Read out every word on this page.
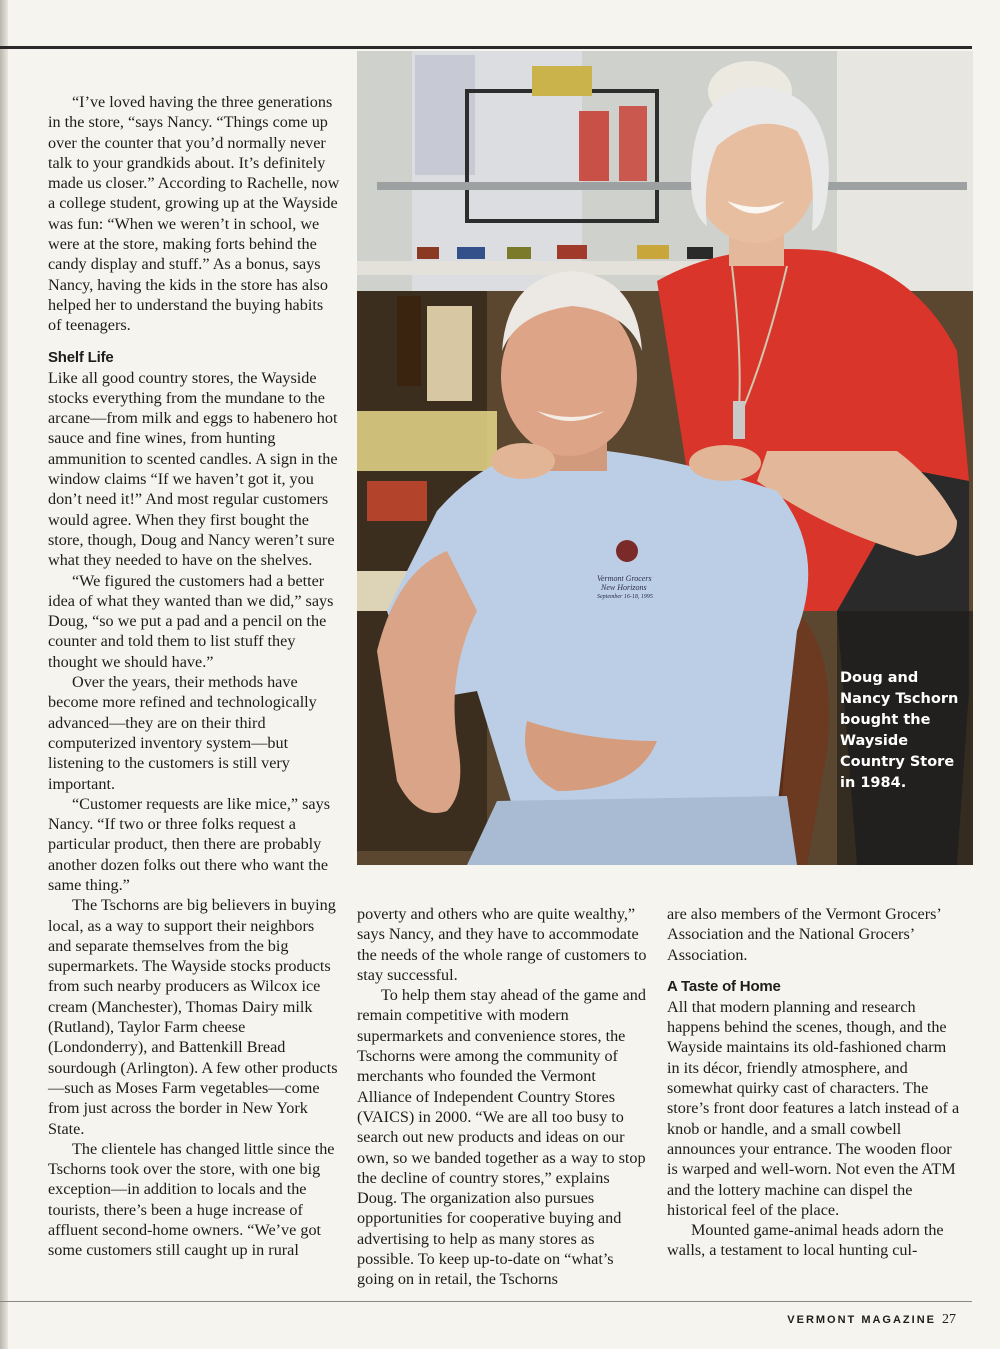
“I’ve loved having the three generations in the store, “says Nancy. “Things come up over the counter that you’d normally never talk to your grandkids about. It’s definitely made us closer.” According to Rachelle, now a college student, growing up at the Wayside was fun: “When we weren’t in school, we were at the store, making forts behind the candy display and stuff.” As a bonus, says Nancy, having the kids in the store has also helped her to understand the buying habits of teenagers.

Shelf Life

Like all good country stores, the Wayside stocks everything from the mundane to the arcane—from milk and eggs to habenero hot sauce and fine wines, from hunting ammunition to scented candles. A sign in the window claims “If we haven’t got it, you don’t need it!” And most regular customers would agree. When they first bought the store, though, Doug and Nancy weren’t sure what they needed to have on the shelves.

“We figured the customers had a better idea of what they wanted than we did,” says Doug, “so we put a pad and a pencil on the counter and told them to list stuff they thought we should have.”

Over the years, their methods have become more refined and technologically advanced—they are on their third computerized inventory system—but listening to the customers is still very important.

“Customer requests are like mice,” says Nancy. “If two or three folks request a particular product, then there are probably another dozen folks out there who want the same thing.”

The Tschorns are big believers in buying local, as a way to support their neighbors and separate themselves from the big supermarkets. The Wayside stocks products from such nearby producers as Wilcox ice cream (Manchester), Thomas Dairy milk (Rutland), Taylor Farm cheese (Londonderry), and Battenkill Bread sourdough (Arlington). A few other products—such as Moses Farm vegetables—come from just across the border in New York State.

The clientele has changed little since the Tschorns took over the store, with one big exception—in addition to locals and the tourists, there’s been a huge increase of affluent second-home owners. “We’ve got some customers still caught up in rural

Vermont Grocers
New Horizons
September 16-18, 1995
Doug and Nancy Tschorn bought the Wayside Country Store in 1984.

poverty and others who are quite wealthy,” says Nancy, and they have to accommodate the needs of the whole range of customers to stay successful.

To help them stay ahead of the game and remain competitive with modern supermarkets and convenience stores, the Tschorns were among the community of merchants who founded the Vermont Alliance of Independent Country Stores (VAICS) in 2000. “We are all too busy to search out new products and ideas on our own, so we banded together as a way to stop the decline of country stores,” explains Doug. The organization also pursues opportunities for cooperative buying and advertising to help as many stores as possible. To keep up-to-date on “what’s going on in retail, the Tschorns

are also members of the Vermont Grocers’ Association and the National Grocers’ Association.

A Taste of Home

All that modern planning and research happens behind the scenes, though, and the Wayside maintains its old-fashioned charm in its décor, friendly atmosphere, and somewhat quirky cast of characters. The store’s front door features a latch instead of a knob or handle, and a small cowbell announces your entrance. The wooden floor is warped and well-worn. Not even the ATM and the lottery machine can dispel the historical feel of the place.

Mounted game-animal heads adorn the walls, a testament to local hunting cul-

VERMONT MAGAZINE 27
